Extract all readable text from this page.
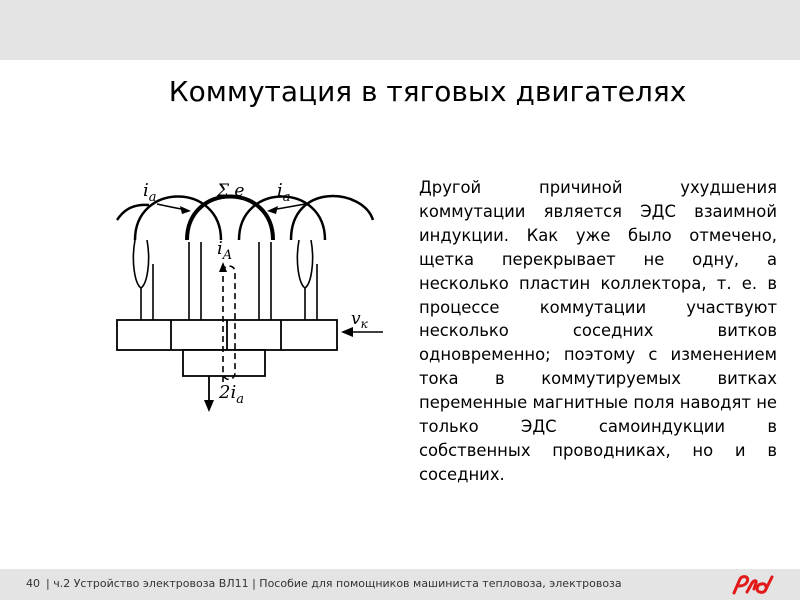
Коммутация в тяговых двигателях
$i_a$	Σ e $i_a$
$i_A$
$v_к$
$2i_a$

Другой причиной ухудшения коммутации является ЭДС взаимной индукции. Как уже было отмечено, щетка перекрывает не одну, а несколько пластин коллектора, т. е. в процессе коммутации участвуют несколько соседних витков одновременно; поэтому с изменением тока в коммутируемых витках переменные магнитные поля наводят не только ЭДС самоиндукции в собственных проводниках, но и в соседних.

40 | ч.2 Устройство электровоза ВЛ11 | Пособие для помощников машиниста тепловоза, электровоза
